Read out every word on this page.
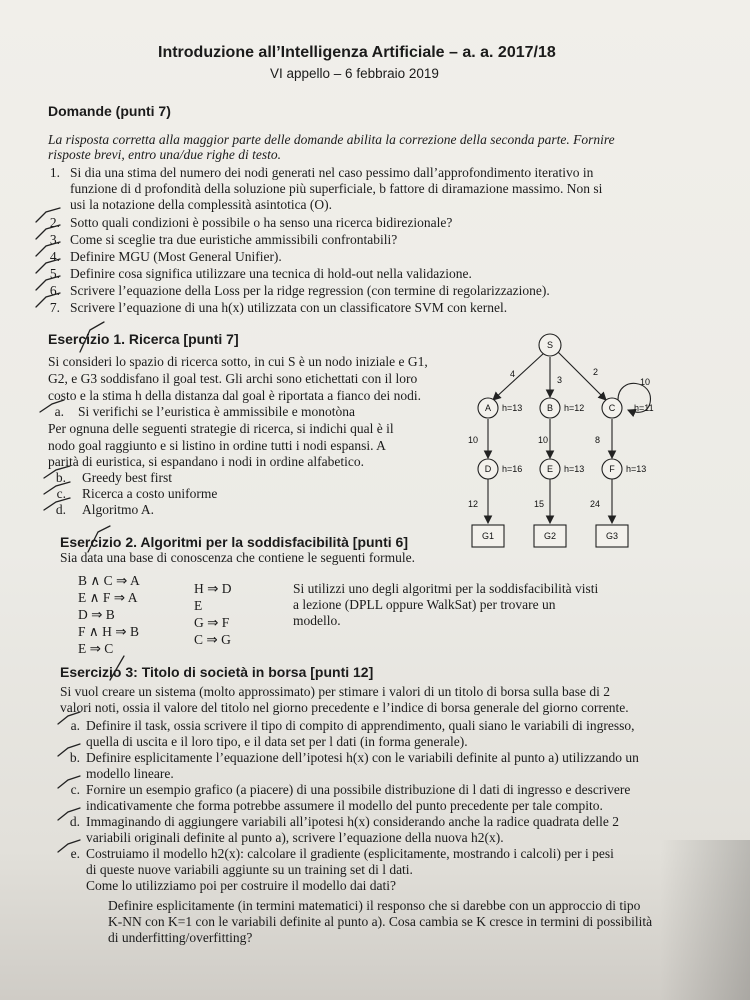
Introduzione all’Intelligenza Artificiale – a. a. 2017/18
VI appello – 6 febbraio 2019
Domande (punti 7)
La risposta corretta alla maggior parte delle domande abilita la correzione della seconda parte. Fornire
risposte brevi, entro una/due righe di testo.
1. Si dia una stima del numero dei nodi generati nel caso pessimo dall’approfondimento iterativo in
funzione di d profondità della soluzione più superficiale, b fattore di diramazione massimo. Non si
usi la notazione della complessità asintotica (O).
2. Sotto quali condizioni è possibile o ha senso una ricerca bidirezionale?
3. Come si sceglie tra due euristiche ammissibili confrontabili?
4. Definire MGU (Most General Unifier).
5. Definire cosa significa utilizzare una tecnica di hold-out nella validazione.
6. Scrivere l’equazione della Loss per la ridge regression (con termine di regolarizzazione).
7. Scrivere l’equazione di una h(x) utilizzata con un classificatore SVM con kernel.
Esercizio 1. Ricerca [punti 7]
Si consideri lo spazio di ricerca sotto, in cui S è un nodo iniziale e G1,
G2, e G3 soddisfano il goal test. Gli archi sono etichettati con il loro
costo e la stima h della distanza dal goal è riportata a fianco dei nodi.
a. Si verifichi se l’euristica è ammissibile e monotòna
Per ognuna delle seguenti strategie di ricerca, si indichi qual è il
nodo goal raggiunto e si listino in ordine tutti i nodi espansi. A
parità di euristica, si espandano i nodi in ordine alfabetico.
b. Greedy best first
c. Ricerca a costo uniforme
d. Algoritmo A.
S
A	B	C
D	E	F
G1	G2	G3
h=13	h=12	h=11
h=16	h=13	h=13
4
3
2
10
10	10	8
12	15	24
Esercizio 2. Algoritmi per la soddisfacibilità [punti 6]
Sia data una base di conoscenza che contiene le seguenti formule.
B ∧ C ⇒ A
E ∧ F ⇒ A
D ⇒ B
F ∧ H ⇒ B
E ⇒ C
H ⇒ D
E
G ⇒ F
C ⇒ G
Si utilizzi uno degli algoritmi per la soddisfacibilità visti
a lezione (DPLL oppure WalkSat) per trovare un
modello.
Esercizio 3: Titolo di società in borsa [punti 12]
Si vuol creare un sistema (molto approssimato) per stimare i valori di un titolo di borsa sulla base di 2
valori noti, ossia il valore del titolo nel giorno precedente e l’indice di borsa generale del giorno corrente.
a. Definire il task, ossia scrivere il tipo di compito di apprendimento, quali siano le variabili di ingresso,
quella di uscita e il loro tipo, e il data set per l dati (in forma generale).
b. Definire esplicitamente l’equazione dell’ipotesi h(x) con le variabili definite al punto a) utilizzando un
modello lineare.
c. Fornire un esempio grafico (a piacere) di una possibile distribuzione di l dati di ingresso e descrivere
indicativamente che forma potrebbe assumere il modello del punto precedente per tale compito.
d. Immaginando di aggiungere variabili all’ipotesi h(x) considerando anche la radice quadrata delle 2
variabili originali definite al punto a), scrivere l’equazione della nuova h2(x).
e. Costruiamo il modello h2(x): calcolare il gradiente (esplicitamente, mostrando i calcoli) per i pesi
di queste nuove variabili aggiunte su un training set di l dati.
Come lo utilizziamo poi per costruire il modello dai dati?
Definire esplicitamente (in termini matematici) il responso che si darebbe con un approccio di tipo
K-NN con K=1 con le variabili definite al punto a). Cosa cambia se K cresce in termini di possibilità
di underfitting/overfitting?
